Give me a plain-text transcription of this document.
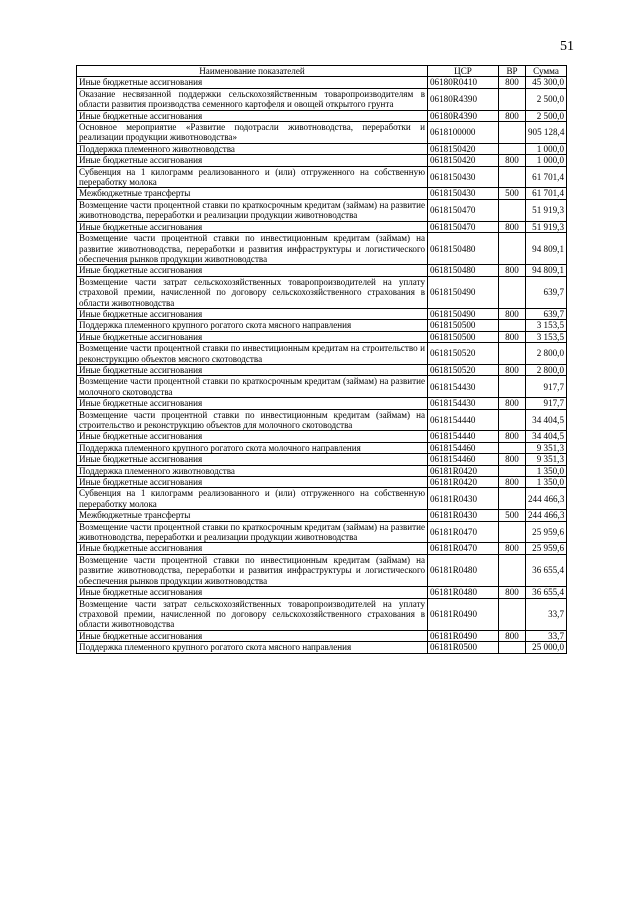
51
Наименование показателей	ЦСР	ВР	Сумма
Иные бюджетные ассигнования	06180R0410	800	45 300,0
Оказание несвязанной поддержки сельскохозяйственным товаропроизводителям в области развития производства семенного картофеля и овощей открытого грунта	06180R4390		2 500,0
Иные бюджетные ассигнования	06180R4390	800	2 500,0
Основное мероприятие «Развитие подотрасли животноводства, переработки и реализации продукции животноводства»	0618100000		905 128,4
Поддержка племенного животноводства	0618150420		1 000,0
Иные бюджетные ассигнования	0618150420	800	1 000,0
Субвенция на 1 килограмм реализованного и (или) отгруженного на собственную переработку молока	0618150430		61 701,4
Межбюджетные трансферты	0618150430	500	61 701,4
Возмещение части процентной ставки по краткосрочным кредитам (займам) на развитие животноводства, переработки и реализации продукции животноводства	0618150470		51 919,3
Иные бюджетные ассигнования	0618150470	800	51 919,3
Возмещение части процентной ставки по инвестиционным кредитам (займам) на развитие животноводства, переработки и развития инфраструктуры и логистического обеспечения рынков продукции животноводства	0618150480		94 809,1
Иные бюджетные ассигнования	0618150480	800	94 809,1
Возмещение части затрат сельскохозяйственных товаропроизводителей на уплату страховой премии, начисленной по договору сельскохозяйственного страхования в области животноводства	0618150490		639,7
Иные бюджетные ассигнования	0618150490	800	639,7
Поддержка племенного крупного рогатого скота мясного направления	0618150500		3 153,5
Иные бюджетные ассигнования	0618150500	800	3 153,5
Возмещение части процентной ставки по инвестиционным кредитам на строительство и реконструкцию объектов мясного скотоводства	0618150520		2 800,0
Иные бюджетные ассигнования	0618150520	800	2 800,0
Возмещение части процентной ставки по краткосрочным кредитам (займам) на развитие молочного скотоводства	0618154430		917,7
Иные бюджетные ассигнования	0618154430	800	917,7
Возмещение части процентной ставки по инвестиционным кредитам (займам) на строительство и реконструкцию объектов для молочного скотоводства	0618154440		34 404,5
Иные бюджетные ассигнования	0618154440	800	34 404,5
Поддержка племенного крупного рогатого скота молочного направления	0618154460		9 351,3
Иные бюджетные ассигнования	0618154460	800	9 351,3
Поддержка племенного животноводства	06181R0420		1 350,0
Иные бюджетные ассигнования	06181R0420	800	1 350,0
Субвенция на 1 килограмм реализованного и (или) отгруженного на собственную переработку молока	06181R0430		244 466,3
Межбюджетные трансферты	06181R0430	500	244 466,3
Возмещение части процентной ставки по краткосрочным кредитам (займам) на развитие животноводства, переработки и реализации продукции животноводства	06181R0470		25 959,6
Иные бюджетные ассигнования	06181R0470	800	25 959,6
Возмещение части процентной ставки по инвестиционным кредитам (займам) на развитие животноводства, переработки и развития инфраструктуры и логистического обеспечения рынков продукции животноводства	06181R0480		36 655,4
Иные бюджетные ассигнования	06181R0480	800	36 655,4
Возмещение части затрат сельскохозяйственных товаропроизводителей на уплату страховой премии, начисленной по договору сельскохозяйственного страхования в области животноводства	06181R0490		33,7
Иные бюджетные ассигнования	06181R0490	800	33,7
Поддержка племенного крупного рогатого скота мясного направления	06181R0500		25 000,0
